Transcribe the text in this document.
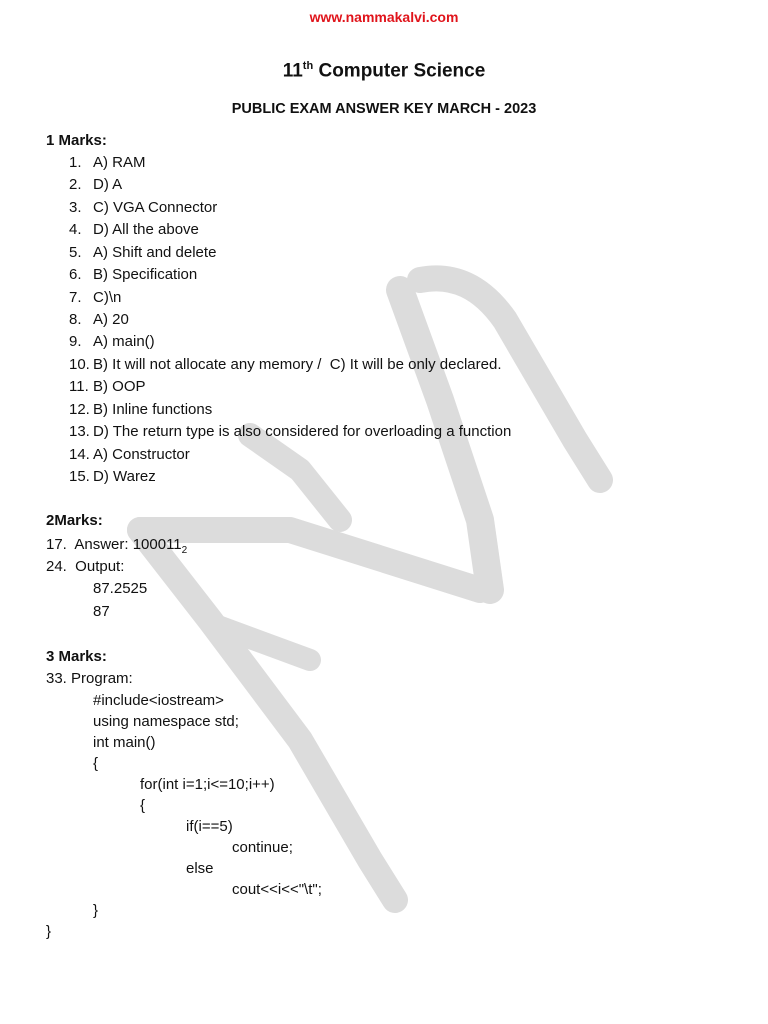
www.nammakalvi.com
11th Computer Science
PUBLIC EXAM ANSWER KEY MARCH - 2023
1 Marks:
1. A) RAM
2. D) A
3. C) VGA Connector
4. D) All the above
5. A) Shift and delete
6. B) Specification
7. C)\n
8. A) 20
9. A) main()
10. B) It will not allocate any memory /  C) It will be only declared.
11. B) OOP
12. B) Inline functions
13. D) The return type is also considered for overloading a function
14. A) Constructor
15. D) Warez
2Marks:
17.  Answer: $100011_2$
24.  Output:
87.2525
87
3 Marks:
33. Program:
#include<iostream>
using namespace std;
int main()
{
for(int i=1;i<=10;i++)
{
if(i==5)
continue;
else
cout<<i<<"\t";
}
}
